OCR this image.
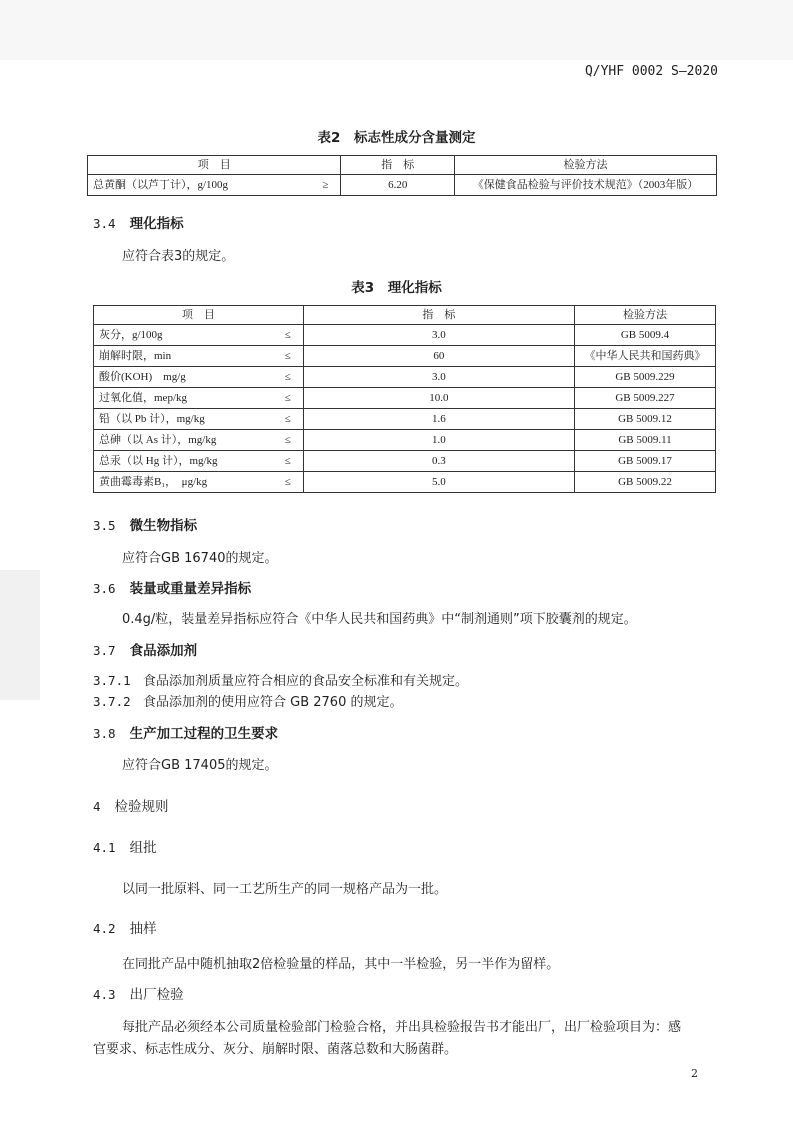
Q/YHF 0002 S—2020
表2　标志性成分含量测定
项　目	指　标	检验方法
总黄酮（以芦丁计），g/100g ≥	6.20	《保健食品检验与评价技术规范》（2003年版）
3.4 理化指标
应符合表3的规定。
表3　理化指标
项　目	指　标	检验方法
灰分，g/100g ≤	3.0	GB 5009.4
崩解时限，min ≤	60	《中华人民共和国药典》
酸价(KOH)　mg/g ≤	3.0	GB 5009.229
过氧化值，mep/kg ≤	10.0	GB 5009.227
铅（以 Pb 计），mg/kg ≤	1.6	GB 5009.12
总砷（以 As 计），mg/kg ≤	1.0	GB 5009.11
总汞（以 Hg 计），mg/kg ≤	0.3	GB 5009.17
黄曲霉毒素B₁，　μg/kg ≤	5.0	GB 5009.22
3.5 微生物指标
应符合GB 16740的规定。
3.6 装量或重量差异指标
0.4g/粒，装量差异指标应符合《中华人民共和国药典》中“制剂通则”项下胶囊剂的规定。
3.7 食品添加剂
3.7.1 食品添加剂质量应符合相应的食品安全标准和有关规定。
3.7.2 食品添加剂的使用应符合 GB 2760 的规定。
3.8 生产加工过程的卫生要求
应符合GB 17405的规定。
4 检验规则
4.1 组批
以同一批原料、同一工艺所生产的同一规格产品为一批。
4.2 抽样
在同批产品中随机抽取2倍检验量的样品，其中一半检验，另一半作为留样。
4.3 出厂检验
每批产品必须经本公司质量检验部门检验合格，并出具检验报告书才能出厂，出厂检验项目为：感
官要求、标志性成分、灰分、崩解时限、菌落总数和大肠菌群。
2
